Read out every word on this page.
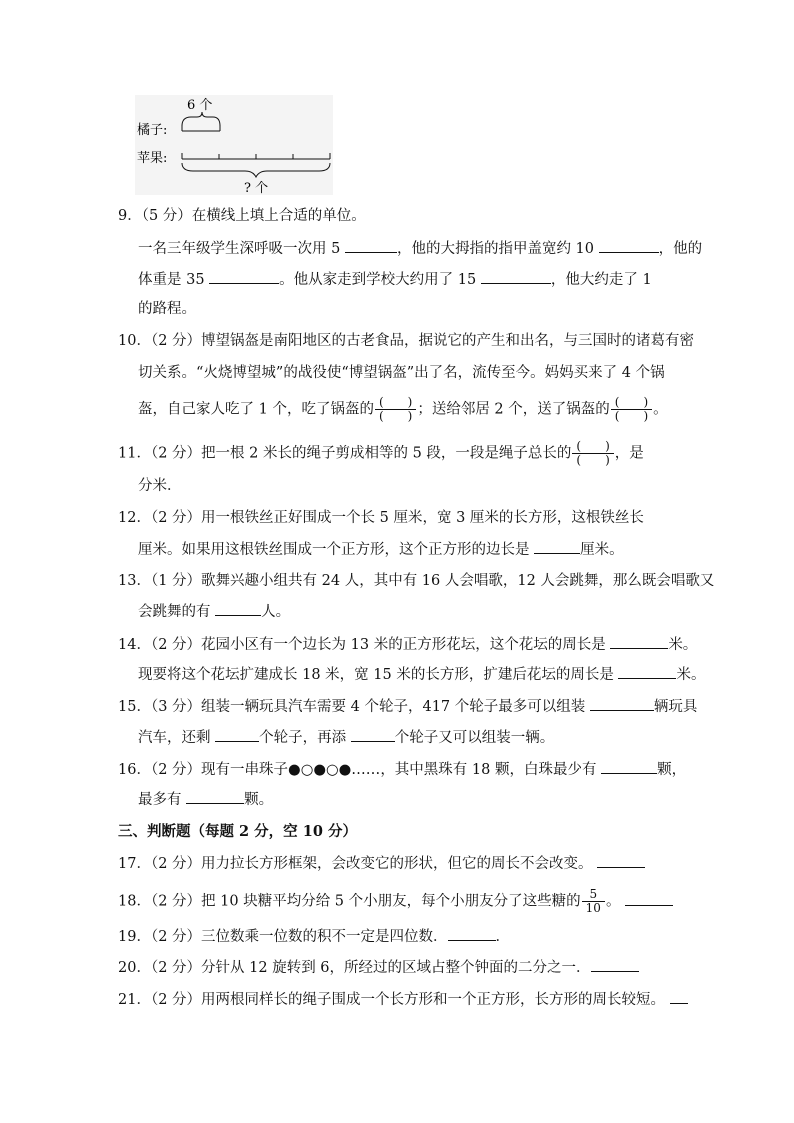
6 个
橘子:
苹果:
? 个
9．（5 分）在横线上填上合适的单位。
一名三年级学生深呼吸一次用 5	，他的大拇指的指甲盖宽约 10	，他的
体重是 35	。他从家走到学校大约用了 15	，他大约走了 1
的路程。
10．（2 分）博望锅盔是南阳地区的古老食品，据说它的产生和出名，与三国时的诸葛有密
切关系。“火烧博望城”的战役使“博望锅盔”出了名，流传至今。妈妈买来了 4 个锅
盔，自己家人吃了 1 个，吃了锅盔的 $\frac{( )}{( )}$ ；送给邻居 2 个，送了锅盔的 $\frac{( )}{( )}$ 。
11．（2 分）把一根 2 米长的绳子剪成相等的 5 段，一段是绳子总长的 $\frac{( )}{( )}$ ，是
分米．
12．（2 分）用一根铁丝正好围成一个长 5 厘米，宽 3 厘米的长方形，这根铁丝长
厘米。如果用这根铁丝围成一个正方形，这个正方形的边长是	厘米。
13．（1 分）歌舞兴趣小组共有 24 人，其中有 16 人会唱歌，12 人会跳舞，那么既会唱歌又
会跳舞的有	人。
14．（2 分）花园小区有一个边长为 13 米的正方形花坛，这个花坛的周长是	米。
现要将这个花坛扩建成长 18 米，宽 15 米的长方形，扩建后花坛的周长是	米。
15．（3 分）组装一辆玩具汽车需要 4 个轮子，417 个轮子最多可以组装	辆玩具
汽车，还剩	个轮子，再添	个轮子又可以组装一辆。
16．（2 分）现有一串珠子●○●○●……，其中黑珠有 18 颗，白珠最少有	颗，
最多有	颗。
三、判断题（每题 2 分，空 10 分）
17．（2 分）用力拉长方形框架，会改变它的形状，但它的周长不会改变。
18．（2 分）把 10 块糖平均分给 5 个小朋友，每个小朋友分了这些糖的 $\frac{5}{10}$ 。
19．（2 分）三位数乘一位数的积不一定是四位数．	．
20．（2 分）分针从 12 旋转到 6，所经过的区域占整个钟面的二分之一．
21．（2 分）用两根同样长的绳子围成一个长方形和一个正方形，长方形的周长较短。
